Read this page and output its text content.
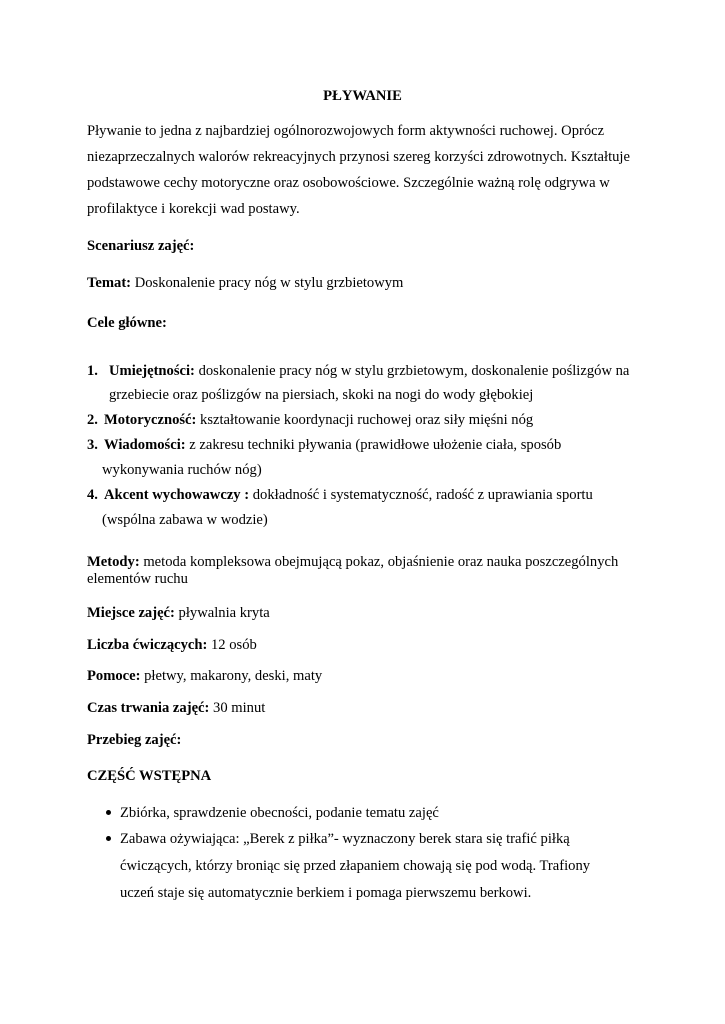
PŁYWANIE
Pływanie to jedna z najbardziej ogólnorozwojowych form aktywności ruchowej. Oprócz
niezaprzeczalnych walorów rekreacyjnych przynosi szereg korzyści zdrowotnych. Kształtuje
podstawowe cechy motoryczne oraz osobowościowe. Szczególnie ważną rolę odgrywa w
profilaktyce i korekcji wad postawy.
Scenariusz zajęć:
Temat: Doskonalenie pracy nóg w stylu grzbietowym
Cele główne:
1. Umiejętności: doskonalenie pracy nóg w stylu grzbietowym, doskonalenie poślizgów na
grzebiecie oraz poślizgów na piersiach, skoki na nogi do wody głębokiej
2. Motoryczność: kształtowanie koordynacji ruchowej oraz siły mięśni nóg
3. Wiadomości: z zakresu techniki pływania (prawidłowe ułożenie ciała, sposób
wykonywania ruchów nóg)
4. Akcent wychowawczy : dokładność i systematyczność, radość z uprawiania sportu
(wspólna zabawa w wodzie)
Metody: metoda kompleksowa obejmującą pokaz, objaśnienie oraz nauka poszczególnych
elementów ruchu
Miejsce zajęć: pływalnia kryta
Liczba ćwiczących: 12 osób
Pomoce: płetwy, makarony, deski, maty
Czas trwania zajęć: 30 minut
Przebieg zajęć:
CZĘŚĆ WSTĘPNA
Zbiórka, sprawdzenie obecności, podanie tematu zajęć
Zabawa ożywiająca: „Berek z piłka”- wyznaczony berek stara się trafić piłką
ćwiczących, którzy broniąc się przed złapaniem chowają się pod wodą. Trafiony
uczeń staje się automatycznie berkiem i pomaga pierwszemu berkowi.
